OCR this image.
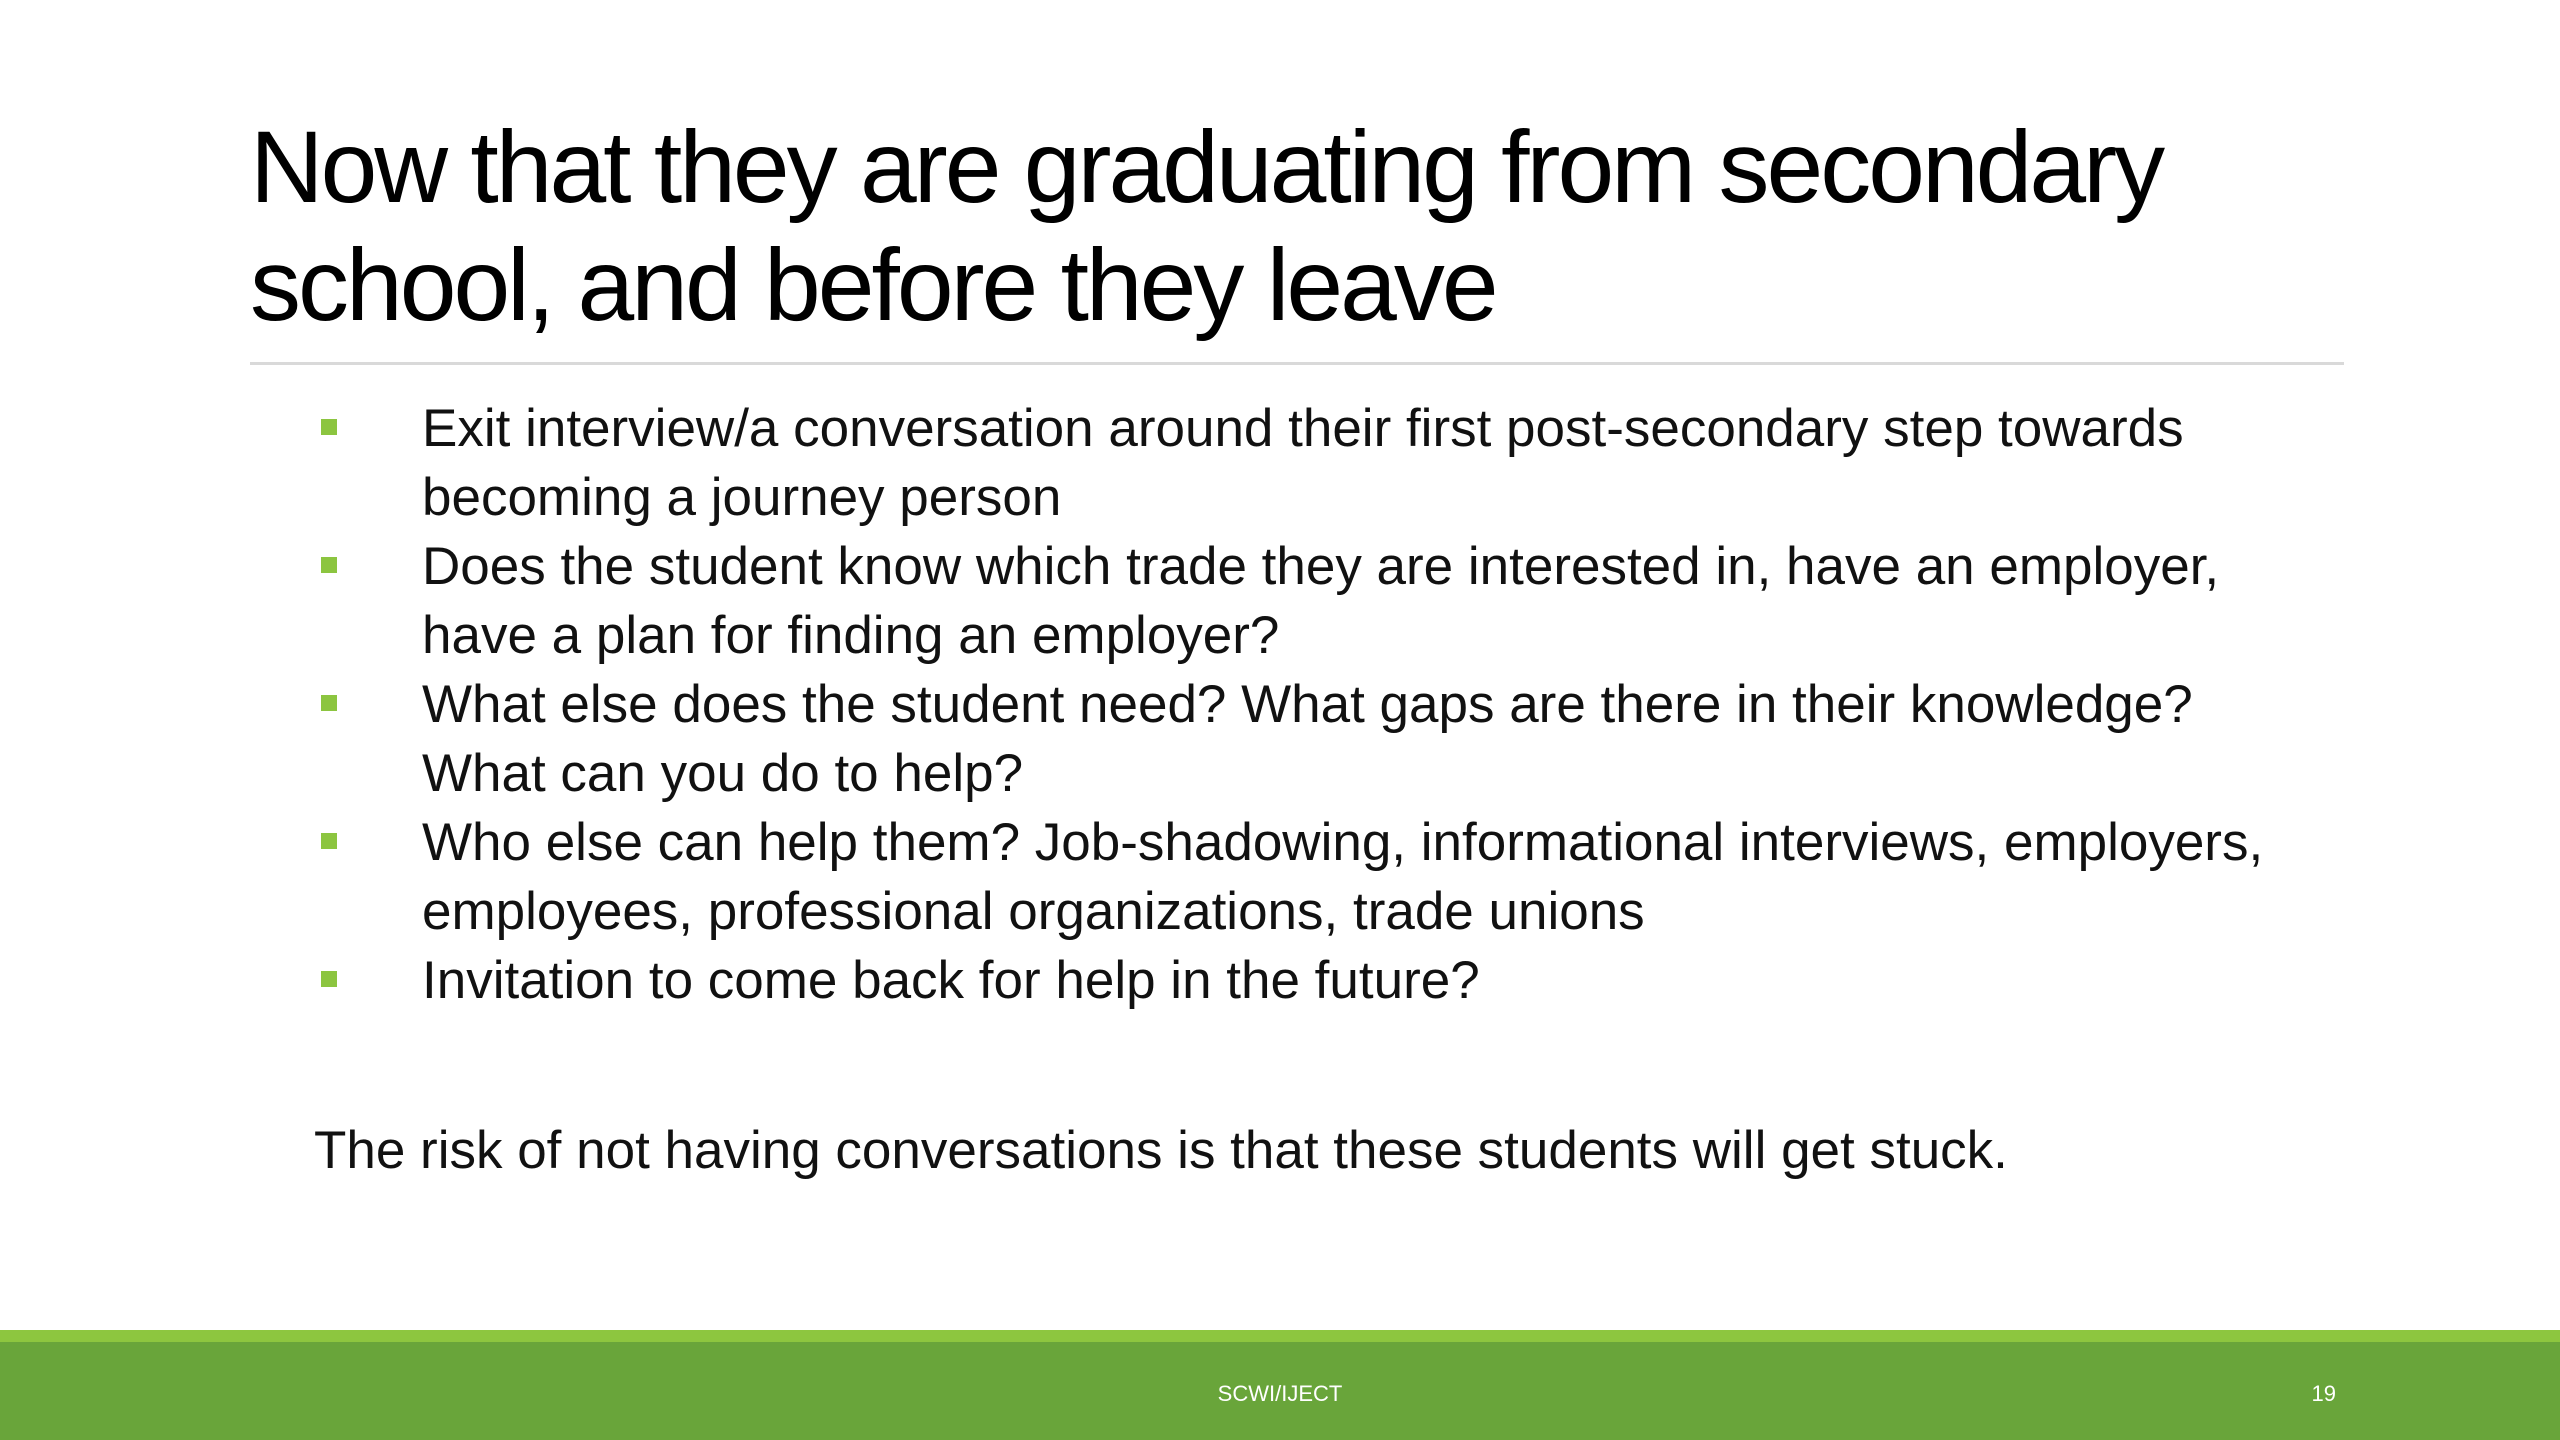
Now that they are graduating from secondary school, and before they leave
Exit interview/a conversation around their first post-secondary step towards becoming a journey person
Does the student know which trade they are interested in, have an employer, have a plan for finding an employer?
What else does the student need? What gaps are there in their knowledge? What can you do to help?
Who else can help them? Job-shadowing, informational interviews, employers, employees, professional organizations, trade unions
Invitation to come back for help in the future?

The risk of not having conversations is that these students will get stuck.

SCWI/IJECT	19
